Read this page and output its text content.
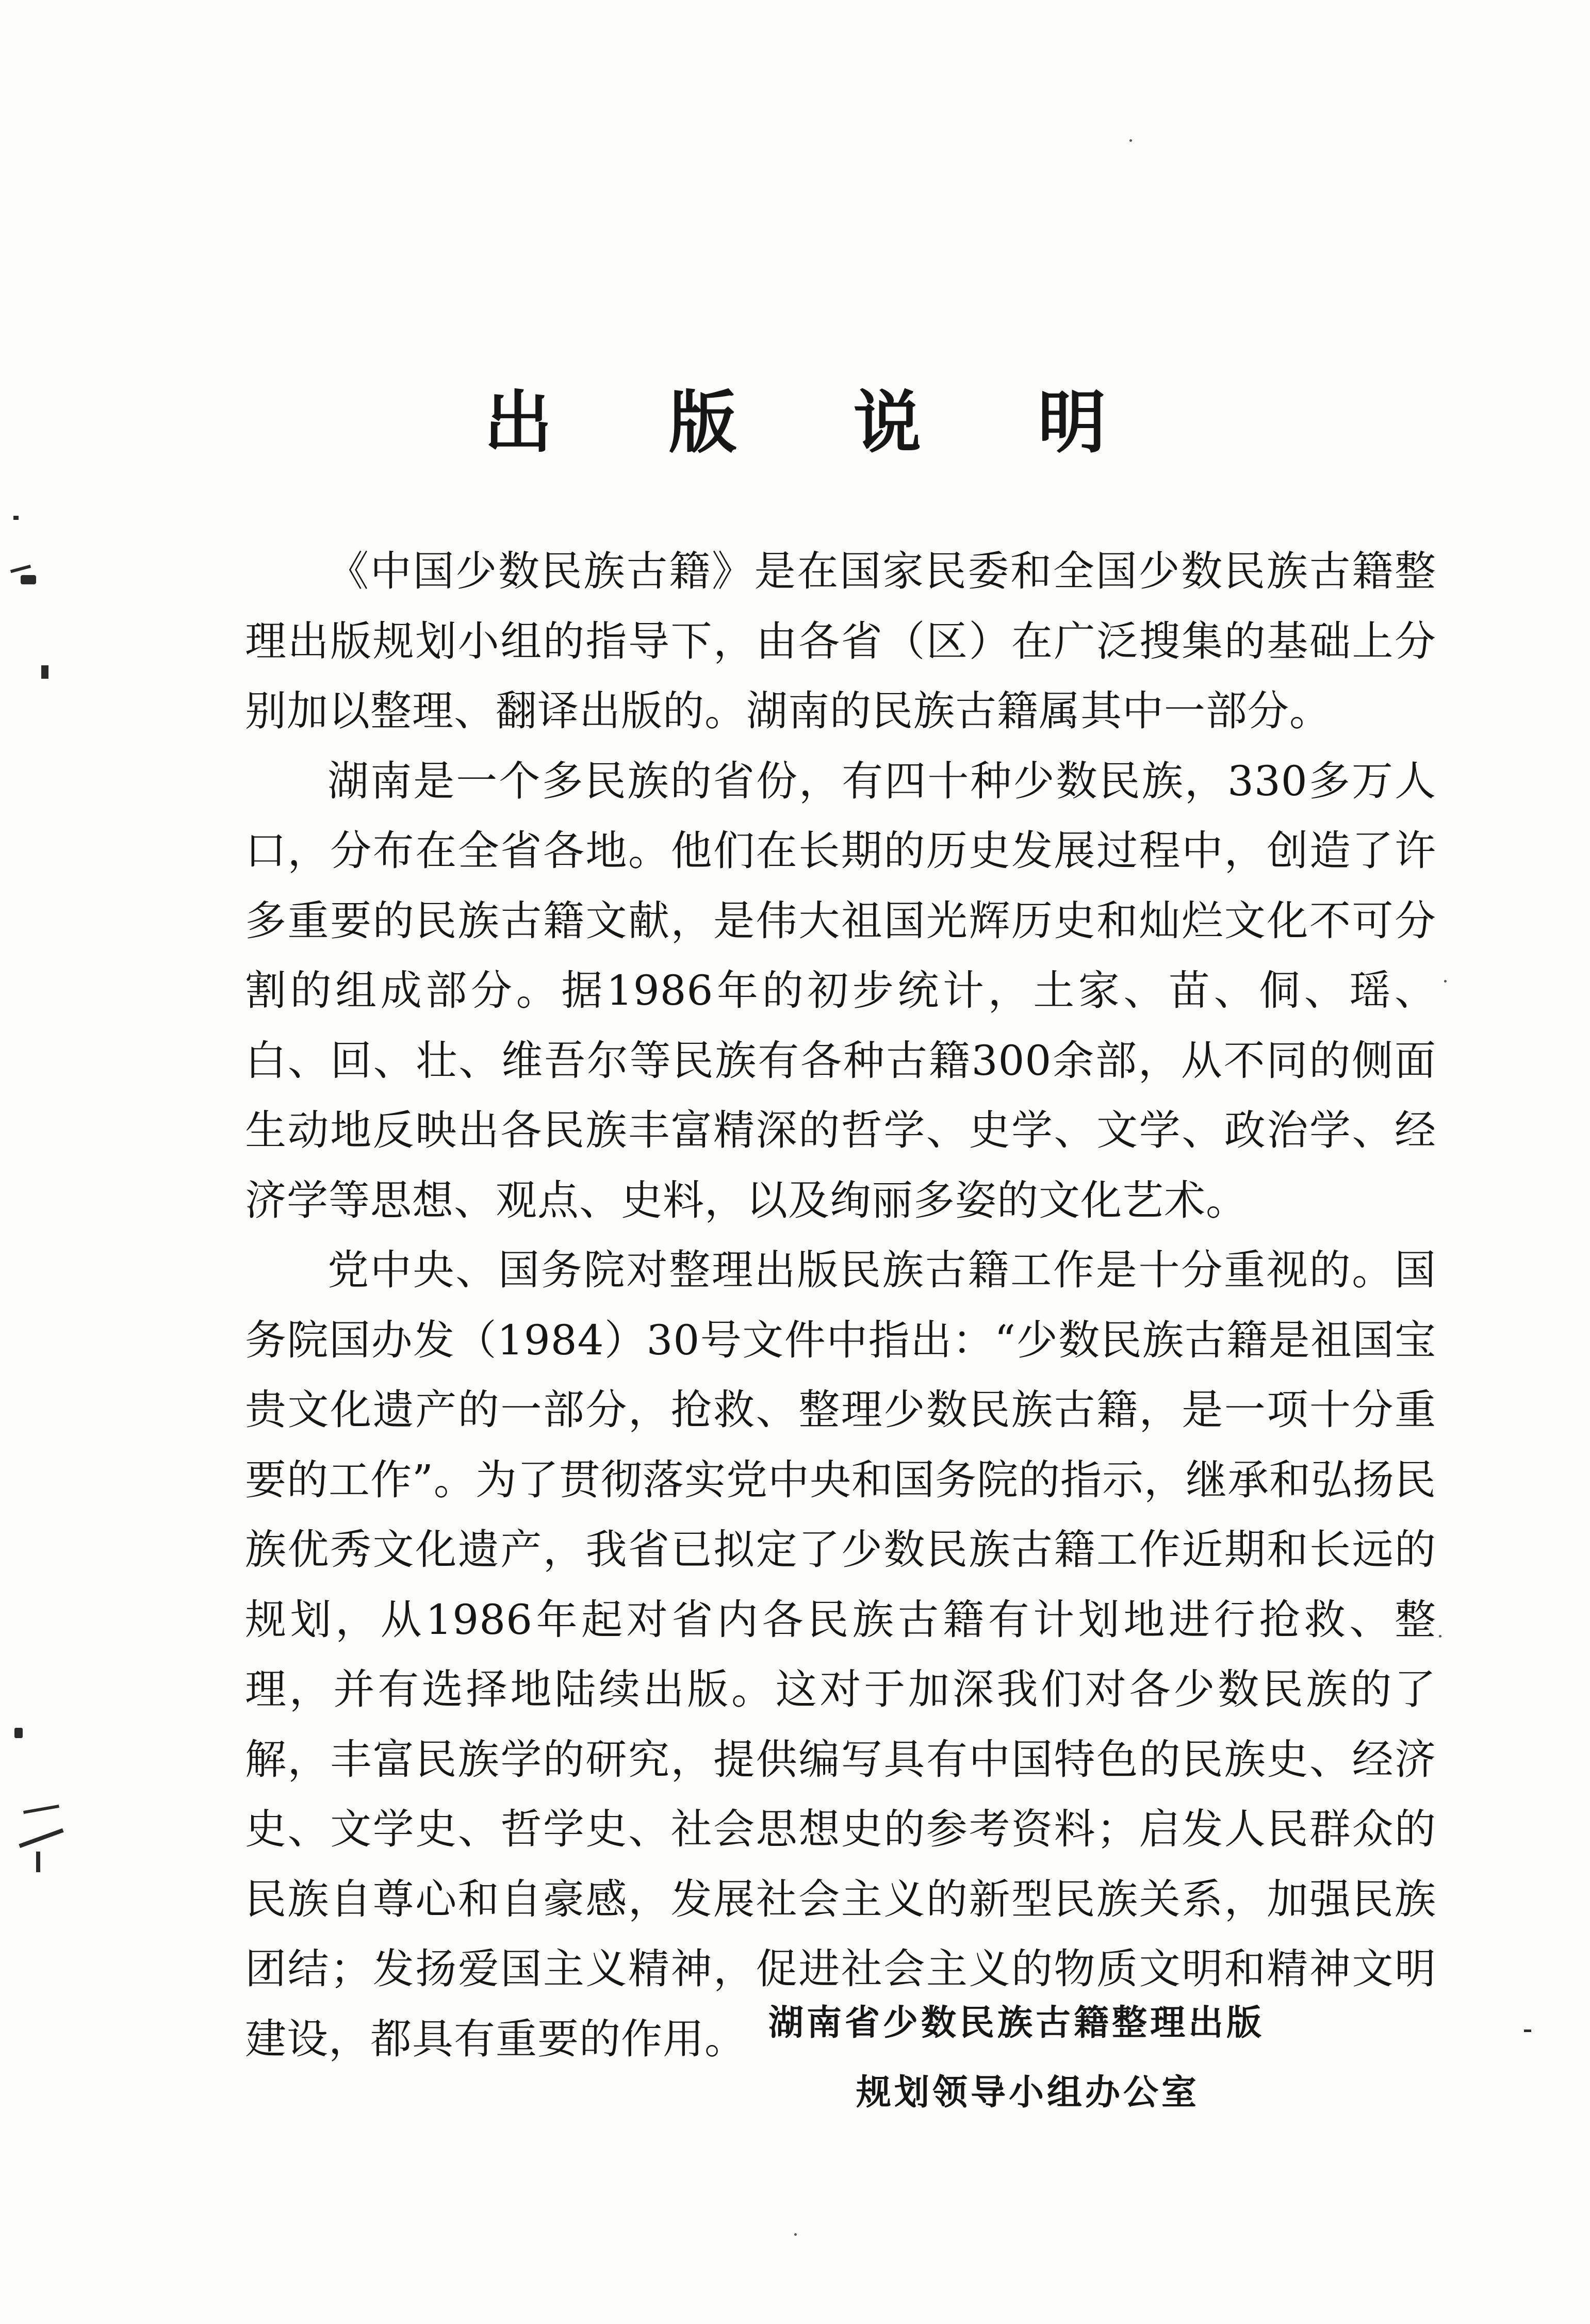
出 版 说 明

《中国少数民族古籍》是在国家民委和全国少数民族古籍整理出版规划小组的指导下，由各省（区）在广泛搜集的基础上分别加以整理、翻译出版的。湖南的民族古籍属其中一部分。

湖南是一个多民族的省份，有四十种少数民族，330多万人口，分布在全省各地。他们在长期的历史发展过程中，创造了许多重要的民族古籍文献，是伟大祖国光辉历史和灿烂文化不可分割的组成部分。据1986年的初步统计，土家、苗、侗、瑶、白、回、壮、维吾尔等民族有各种古籍300余部，从不同的侧面生动地反映出各民族丰富精深的哲学、史学、文学、政治学、经济学等思想、观点、史料，以及绚丽多姿的文化艺术。

党中央、国务院对整理出版民族古籍工作是十分重视的。国务院国办发（1984）30号文件中指出：“少数民族古籍是祖国宝贵文化遗产的一部分，抢救、整理少数民族古籍，是一项十分重要的工作”。为了贯彻落实党中央和国务院的指示，继承和弘扬民族优秀文化遗产，我省已拟定了少数民族古籍工作近期和长远的规划，从1986年起对省内各民族古籍有计划地进行抢救、整理，并有选择地陆续出版。这对于加深我们对各少数民族的了解，丰富民族学的研究，提供编写具有中国特色的民族史、经济史、文学史、哲学史、社会思想史的参考资料；启发人民群众的民族自尊心和自豪感，发展社会主义的新型民族关系，加强民族团结；发扬爱国主义精神，促进社会主义的物质文明和精神文明建设，都具有重要的作用。 湖南省少数民族古籍整理出版
规划领导小组办公室
